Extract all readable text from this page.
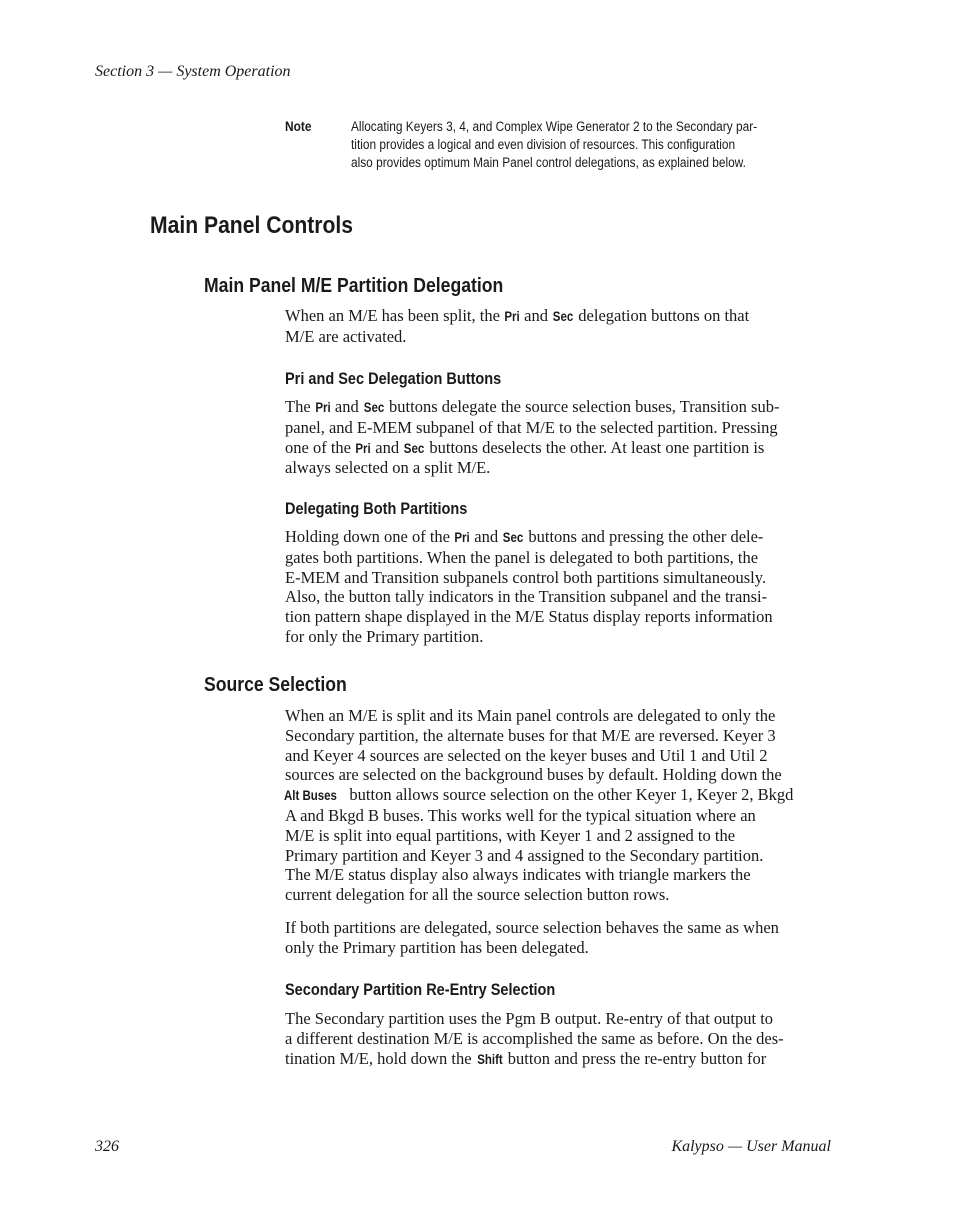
Section 3 — System Operation
Note	Allocating Keyers 3, 4, and Complex Wipe Generator 2 to the Secondary par-
tition provides a logical and even division of resources. This configuration
also provides optimum Main Panel control delegations, as explained below.
Main Panel Controls
Main Panel M/E Partition Delegation
When an M/E has been split, the Pri and Sec delegation buttons on that
M/E are activated.
Pri and Sec Delegation Buttons
The Pri and Sec buttons delegate the source selection buses, Transition sub-
panel, and E-MEM subpanel of that M/E to the selected partition. Pressing
one of the Pri and Sec buttons deselects the other. At least one partition is
always selected on a split M/E.
Delegating Both Partitions
Holding down one of the Pri and Sec buttons and pressing the other dele-
gates both partitions. When the panel is delegated to both partitions, the
E-MEM and Transition subpanels control both partitions simultaneously.
Also, the button tally indicators in the Transition subpanel and the transi-
tion pattern shape displayed in the M/E Status display reports information
for only the Primary partition.
Source Selection
When an M/E is split and its Main panel controls are delegated to only the
Secondary partition, the alternate buses for that M/E are reversed. Keyer 3
and Keyer 4 sources are selected on the keyer buses and Util 1 and Util 2
sources are selected on the background buses by default. Holding down the
Alt Buses button allows source selection on the other Keyer 1, Keyer 2, Bkgd
A and Bkgd B buses. This works well for the typical situation where an
M/E is split into equal partitions, with Keyer 1 and 2 assigned to the
Primary partition and Keyer 3 and 4 assigned to the Secondary partition.
The M/E status display also always indicates with triangle markers the
current delegation for all the source selection button rows.
If both partitions are delegated, source selection behaves the same as when
only the Primary partition has been delegated.
Secondary Partition Re-Entry Selection
The Secondary partition uses the Pgm B output. Re-entry of that output to
a different destination M/E is accomplished the same as before. On the des-
tination M/E, hold down the Shift button and press the re-entry button for
326	Kalypso — User Manual
